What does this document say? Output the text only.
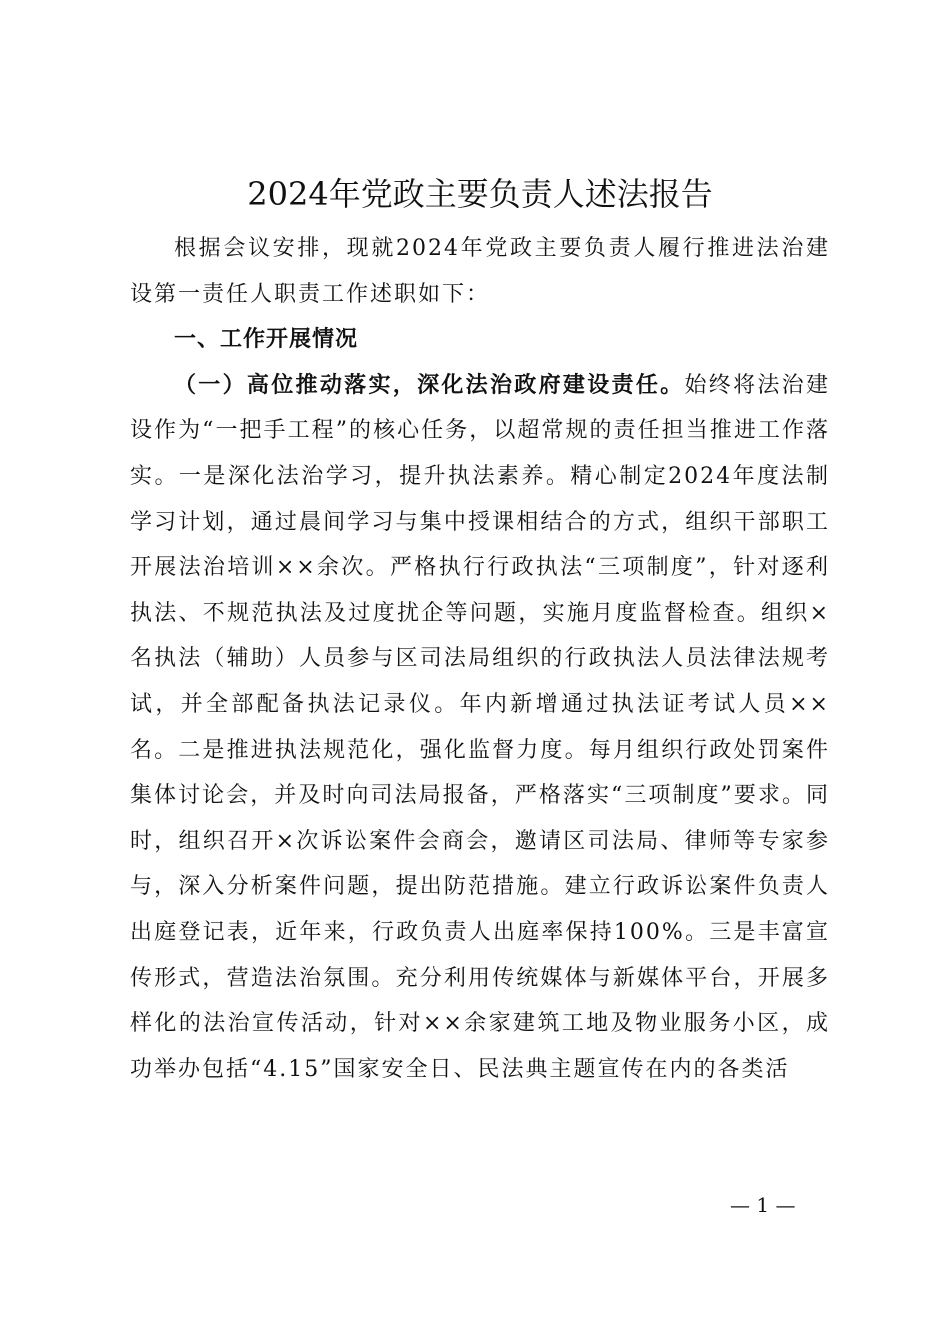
2024年党政主要负责人述法报告

根据会议安排，现就2024年党政主要负责人履行推进法治建设第一责任人职责工作述职如下：

一、工作开展情况

（一）高位推动落实，深化法治政府建设责任。始终将法治建设作为“一把手工程”的核心任务，以超常规的责任担当推进工作落实。一是深化法治学习，提升执法素养。精心制定2024年度法制学习计划，通过晨间学习与集中授课相结合的方式，组织干部职工开展法治培训××余次。严格执行行政执法“三项制度”，针对逐利执法、不规范执法及过度扰企等问题，实施月度监督检查。组织×名执法（辅助）人员参与区司法局组织的行政执法人员法律法规考试，并全部配备执法记录仪。年内新增通过执法证考试人员××名。二是推进执法规范化，强化监督力度。每月组织行政处罚案件集体讨论会，并及时向司法局报备，严格落实“三项制度”要求。同时，组织召开×次诉讼案件会商会，邀请区司法局、律师等专家参与，深入分析案件问题，提出防范措施。建立行政诉讼案件负责人出庭登记表，近年来，行政负责人出庭率保持100%。三是丰富宣传形式，营造法治氛围。充分利用传统媒体与新媒体平台，开展多样化的法治宣传活动，针对××余家建筑工地及物业服务小区，成功举办包括“4.15”国家安全日、民法典主题宣传在内的各类活

— 1 —
